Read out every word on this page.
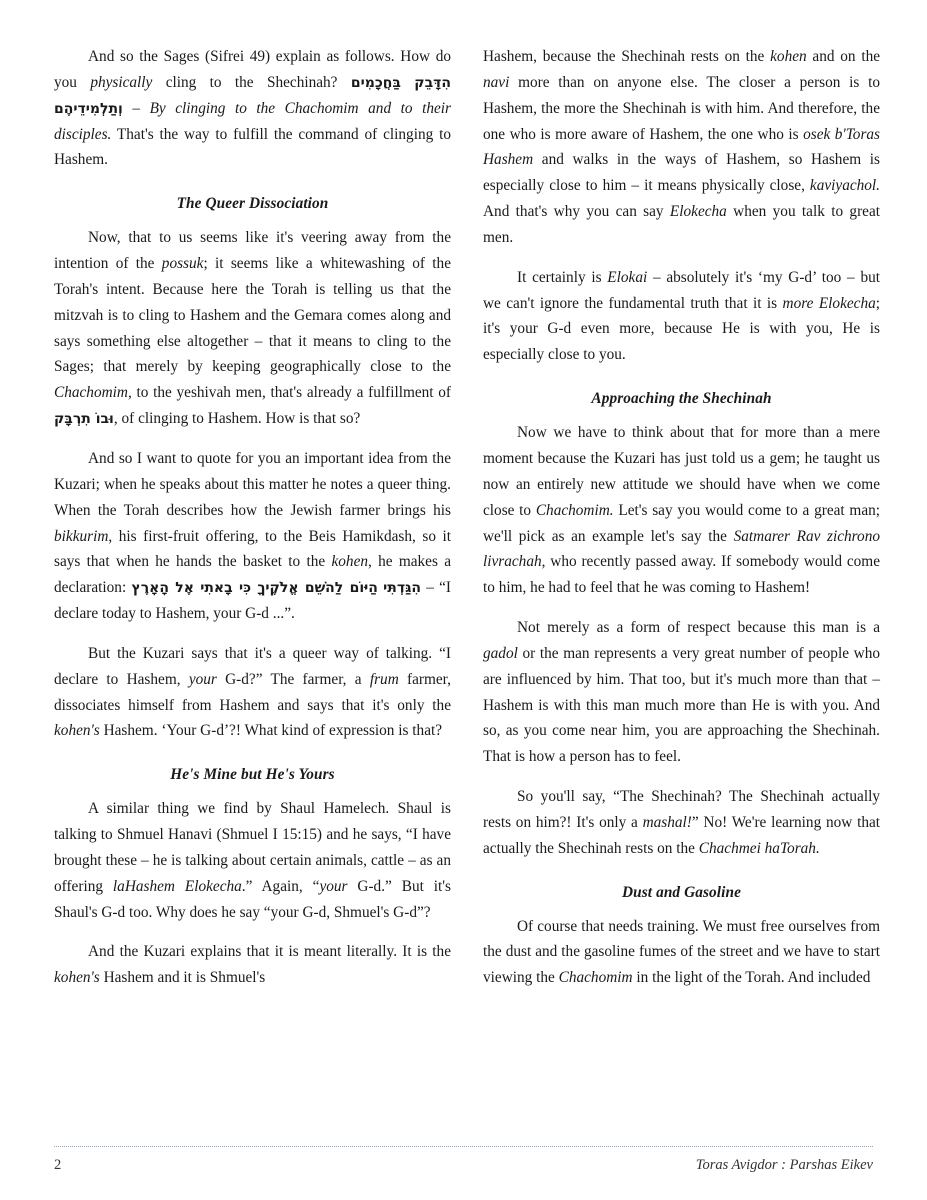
And so the Sages (Sifrei 49) explain as follows. How do you physically cling to the Shechinah?	הִדָּבֵק בַּחֲכָמִים וְתַלְמִידֵיהֶם – By clinging to the Chachomim and to their disciples. That's the way to fulfill the command of clinging to Hashem.

The Queer Dissociation

Now, that to us seems like it's veering away from the intention of the possuk; it seems like a whitewashing of the Torah's intent. Because here the Torah is telling us that the mitzvah is to cling to Hashem and the Gemara comes along and says something else altogether – that it means to cling to the Sages; that merely by keeping geographically close to the Chachomim, to the yeshivah men, that's already a fulfillment of וּבוֹ תִרְבָּק, of clinging to Hashem. How is that so?

And so I want to quote for you an important idea from the Kuzari; when he speaks about this matter he notes a queer thing. When the Torah describes how the Jewish farmer brings his bikkurim, his first-fruit offering, to the Beis Hamikdash, so it says that when he hands the basket to the kohen, he makes a declaration:	הִגַּדְתִּי הַיּוֹם לַהֹשֵׁם אֱלֹקֶיךָ כִּי בָאתִי אֶל הָאָרֶץ	– “I declare today to Hashem, your G-d ...”.

But the Kuzari says that it's a queer way of talking. “I declare to Hashem, your G-d?” The farmer, a frum farmer, dissociates himself from Hashem and says that it's only the kohen's Hashem. ‘Your G-d’?! What kind of expression is that?

He's Mine but He's Yours

A similar thing we find by Shaul Hamelech. Shaul is talking to Shmuel Hanavi (Shmuel I 15:15) and he says, “I have brought these – he is talking about certain animals, cattle – as an offering laHashem Elokecha.” Again, “your G-d.” But it's Shaul's G-d too. Why does he say “your G-d, Shmuel's G-d”?

And the Kuzari explains that it is meant literally. It is the kohen's Hashem and it is Shmuel's

Hashem, because the Shechinah rests on the kohen and on the navi more than on anyone else. The closer a person is to Hashem, the more the Shechinah is with him. And therefore, the one who is more aware of Hashem, the one who is osek b'Toras Hashem and walks in the ways of Hashem, so Hashem is especially close to him – it means physically close, kaviyachol. And that's why you can say Elokecha when you talk to great men.

It certainly is Elokai – absolutely it's ‘my G-d’ too – but we can't ignore the fundamental truth that it is more Elokecha; it's your G-d even more, because He is with you, He is especially close to you.

Approaching the Shechinah

Now we have to think about that for more than a mere moment because the Kuzari has just told us a gem; he taught us now an entirely new attitude we should have when we come close to Chachomim. Let's say you would come to a great man; we'll pick as an example let's say the Satmarer Rav zichrono livrachah, who recently passed away. If somebody would come to him, he had to feel that he was coming to Hashem!

Not merely as a form of respect because this man is a gadol or the man represents a very great number of people who are influenced by him. That too, but it's much more than that – Hashem is with this man much more than He is with you. And so, as you come near him, you are approaching the Shechinah. That is how a person has to feel.

So you'll say, “The Shechinah? The Shechinah actually rests on him?! It's only a mashal!” No! We're learning now that actually the Shechinah rests on the Chachmei haTorah.

Dust and Gasoline

Of course that needs training. We must free ourselves from the dust and the gasoline fumes of the street and we have to start viewing the Chachomim in the light of the Torah. And included

2	Toras Avigdor : Parshas Eikev
